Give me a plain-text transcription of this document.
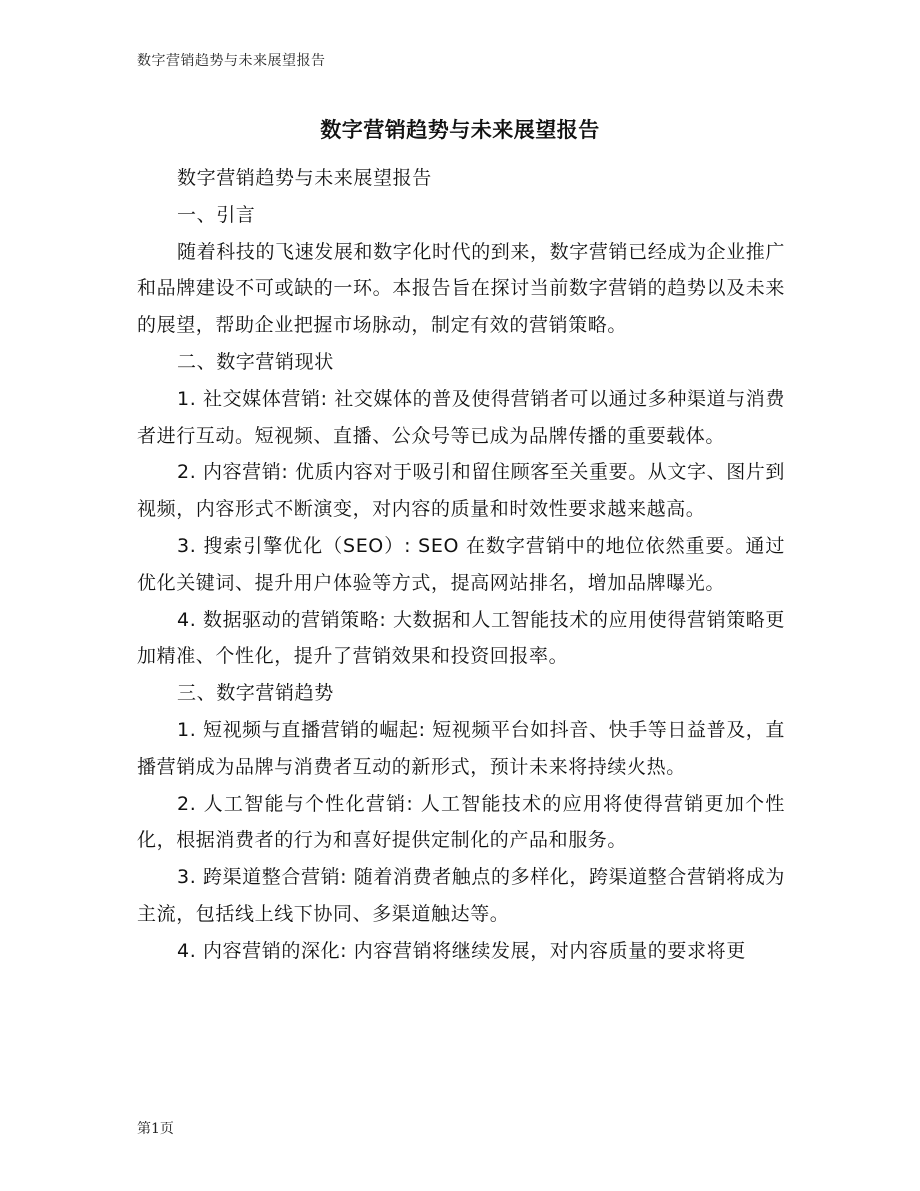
数字营销趋势与未来展望报告
数字营销趋势与未来展望报告

数字营销趋势与未来展望报告

一、引言

随着科技的飞速发展和数字化时代的到来，数字营销已经成为企业推广和品牌建设不可或缺的一环。本报告旨在探讨当前数字营销的趋势以及未来的展望，帮助企业把握市场脉动，制定有效的营销策略。

二、数字营销现状

1. 社交媒体营销: 社交媒体的普及使得营销者可以通过多种渠道与消费者进行互动。短视频、直播、公众号等已成为品牌传播的重要载体。

2. 内容营销: 优质内容对于吸引和留住顾客至关重要。从文字、图片到视频，内容形式不断演变，对内容的质量和时效性要求越来越高。

3. 搜索引擎优化（SEO）: SEO 在数字营销中的地位依然重要。通过优化关键词、提升用户体验等方式，提高网站排名，增加品牌曝光。

4. 数据驱动的营销策略: 大数据和人工智能技术的应用使得营销策略更加精准、个性化，提升了营销效果和投资回报率。

三、数字营销趋势

1. 短视频与直播营销的崛起: 短视频平台如抖音、快手等日益普及，直播营销成为品牌与消费者互动的新形式，预计未来将持续火热。

2. 人工智能与个性化营销: 人工智能技术的应用将使得营销更加个性化，根据消费者的行为和喜好提供定制化的产品和服务。

3. 跨渠道整合营销: 随着消费者触点的多样化，跨渠道整合营销将成为主流，包括线上线下协同、多渠道触达等。

4. 内容营销的深化: 内容营销将继续发展，对内容质量的要求将更

第1页
